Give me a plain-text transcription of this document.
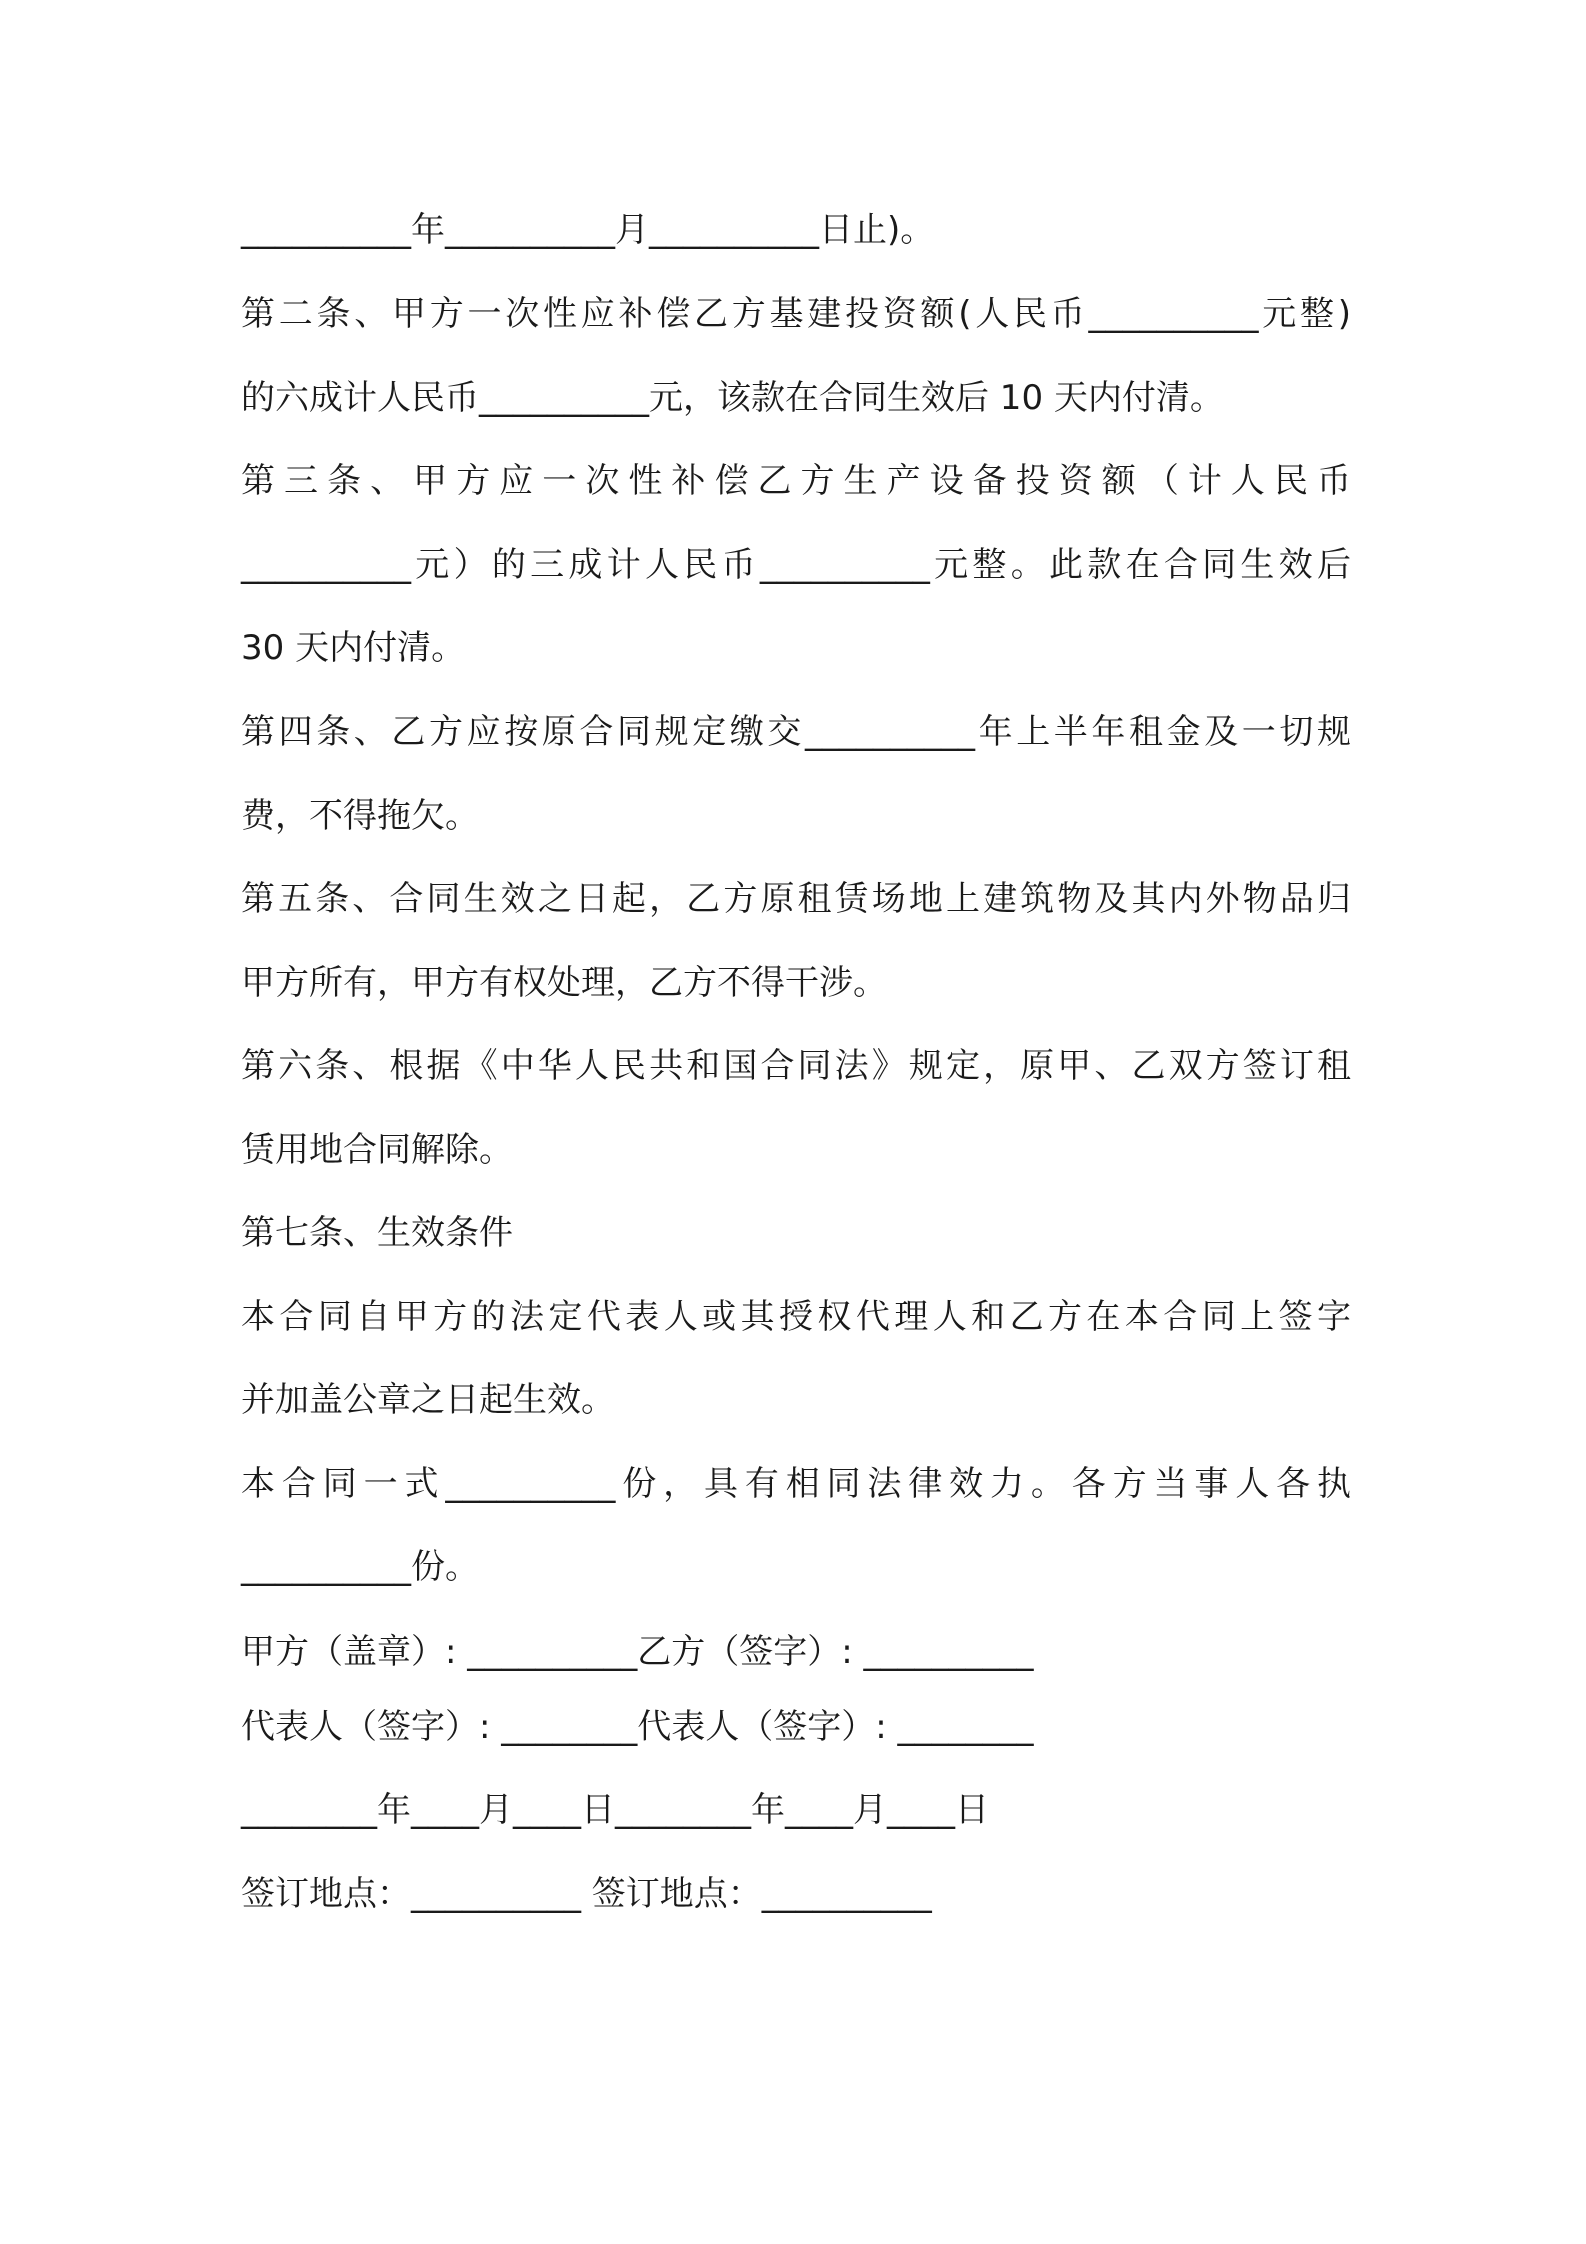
__________年__________月__________日止)。
第二条、甲方一次性应补偿乙方基建投资额(人民币__________元整)
的六成计人民币__________元，该款在合同生效后 10 天内付清。
第三条、甲方应一次性补偿乙方生产设备投资额（计人民币
__________元）的三成计人民币__________元整。此款在合同生效后
30 天内付清。
第四条、乙方应按原合同规定缴交__________年上半年租金及一切规
费，不得拖欠。
第五条、合同生效之日起，乙方原租赁场地上建筑物及其内外物品归
甲方所有，甲方有权处理，乙方不得干涉。
第六条、根据《中华人民共和国合同法》规定，原甲、乙双方签订租
赁用地合同解除。
第七条、生效条件
本合同自甲方的法定代表人或其授权代理人和乙方在本合同上签字
并加盖公章之日起生效。
本合同一式__________份，具有相同法律效力。各方当事人各执
__________份。
甲方（盖章）: __________乙方（签字）: __________
代表人（签字）: ________代表人（签字）: ________
________年____月____日________年____月____日
签订地点：__________ 签订地点：__________
